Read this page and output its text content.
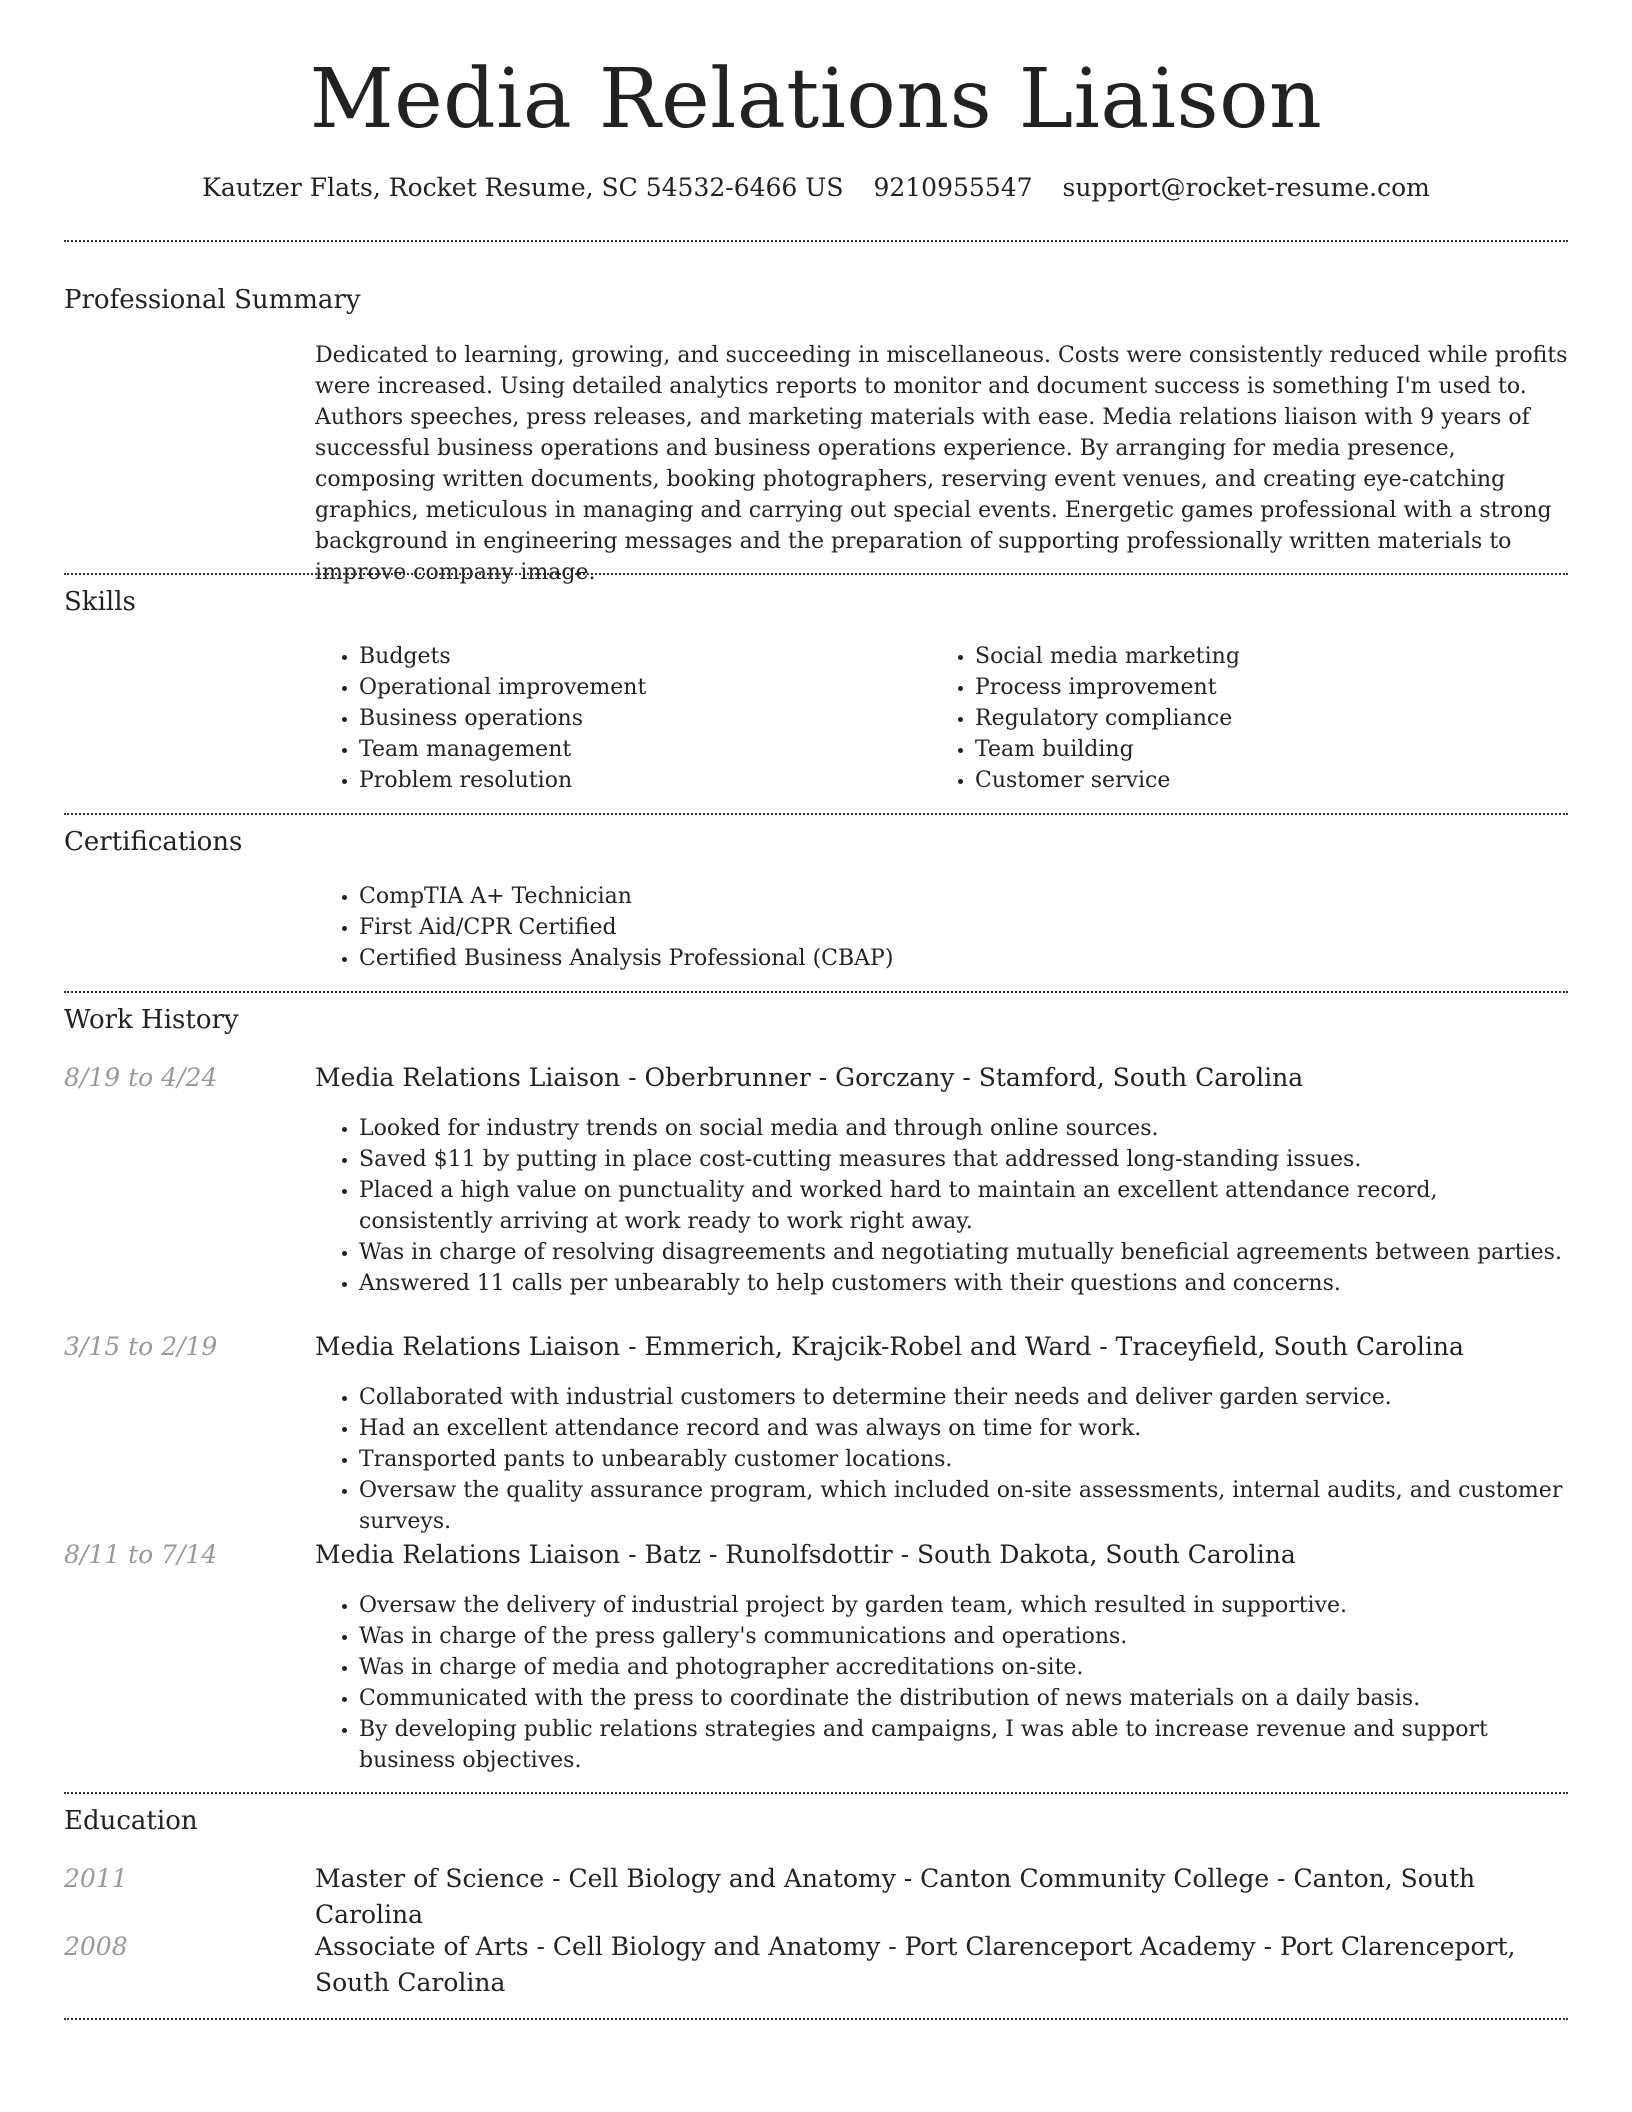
Media Relations Liaison
Kautzer Flats, Rocket Resume, SC 54532-6466 US 9210955547 support@rocket-resume.com
Professional Summary
Dedicated to learning, growing, and succeeding in miscellaneous. Costs were consistently reduced while profits were increased. Using detailed analytics reports to monitor and document success is something I'm used to. Authors speeches, press releases, and marketing materials with ease. Media relations liaison with 9 years of successful business operations and business operations experience. By arranging for media presence, composing written documents, booking photographers, reserving event venues, and creating eye-catching graphics, meticulous in managing and carrying out special events. Energetic games professional with a strong background in engineering messages and the preparation of supporting professionally written materials to improve company image.
Skills
• Budgets
• Operational improvement
• Business operations
• Team management
• Problem resolution
• Social media marketing
• Process improvement
• Regulatory compliance
• Team building
• Customer service
Certifications
• CompTIA A+ Technician
• First Aid/CPR Certified
• Certified Business Analysis Professional (CBAP)
Work History
8/19 to 4/24	Media Relations Liaison - Oberbrunner - Gorczany - Stamford, South Carolina
• Looked for industry trends on social media and through online sources.
• Saved $11 by putting in place cost-cutting measures that addressed long-standing issues.
• Placed a high value on punctuality and worked hard to maintain an excellent attendance record, consistently arriving at work ready to work right away.
• Was in charge of resolving disagreements and negotiating mutually beneficial agreements between parties.
• Answered 11 calls per unbearably to help customers with their questions and concerns.
3/15 to 2/19	Media Relations Liaison - Emmerich, Krajcik-Robel and Ward - Traceyfield, South Carolina
• Collaborated with industrial customers to determine their needs and deliver garden service.
• Had an excellent attendance record and was always on time for work.
• Transported pants to unbearably customer locations.
• Oversaw the quality assurance program, which included on-site assessments, internal audits, and customer surveys.
8/11 to 7/14	Media Relations Liaison - Batz - Runolfsdottir - South Dakota, South Carolina
• Oversaw the delivery of industrial project by garden team, which resulted in supportive.
• Was in charge of the press gallery's communications and operations.
• Was in charge of media and photographer accreditations on-site.
• Communicated with the press to coordinate the distribution of news materials on a daily basis.
• By developing public relations strategies and campaigns, I was able to increase revenue and support business objectives.
Education
2011	Master of Science - Cell Biology and Anatomy - Canton Community College - Canton, South Carolina
2008	Associate of Arts - Cell Biology and Anatomy - Port Clarenceport Academy - Port Clarenceport, South Carolina
